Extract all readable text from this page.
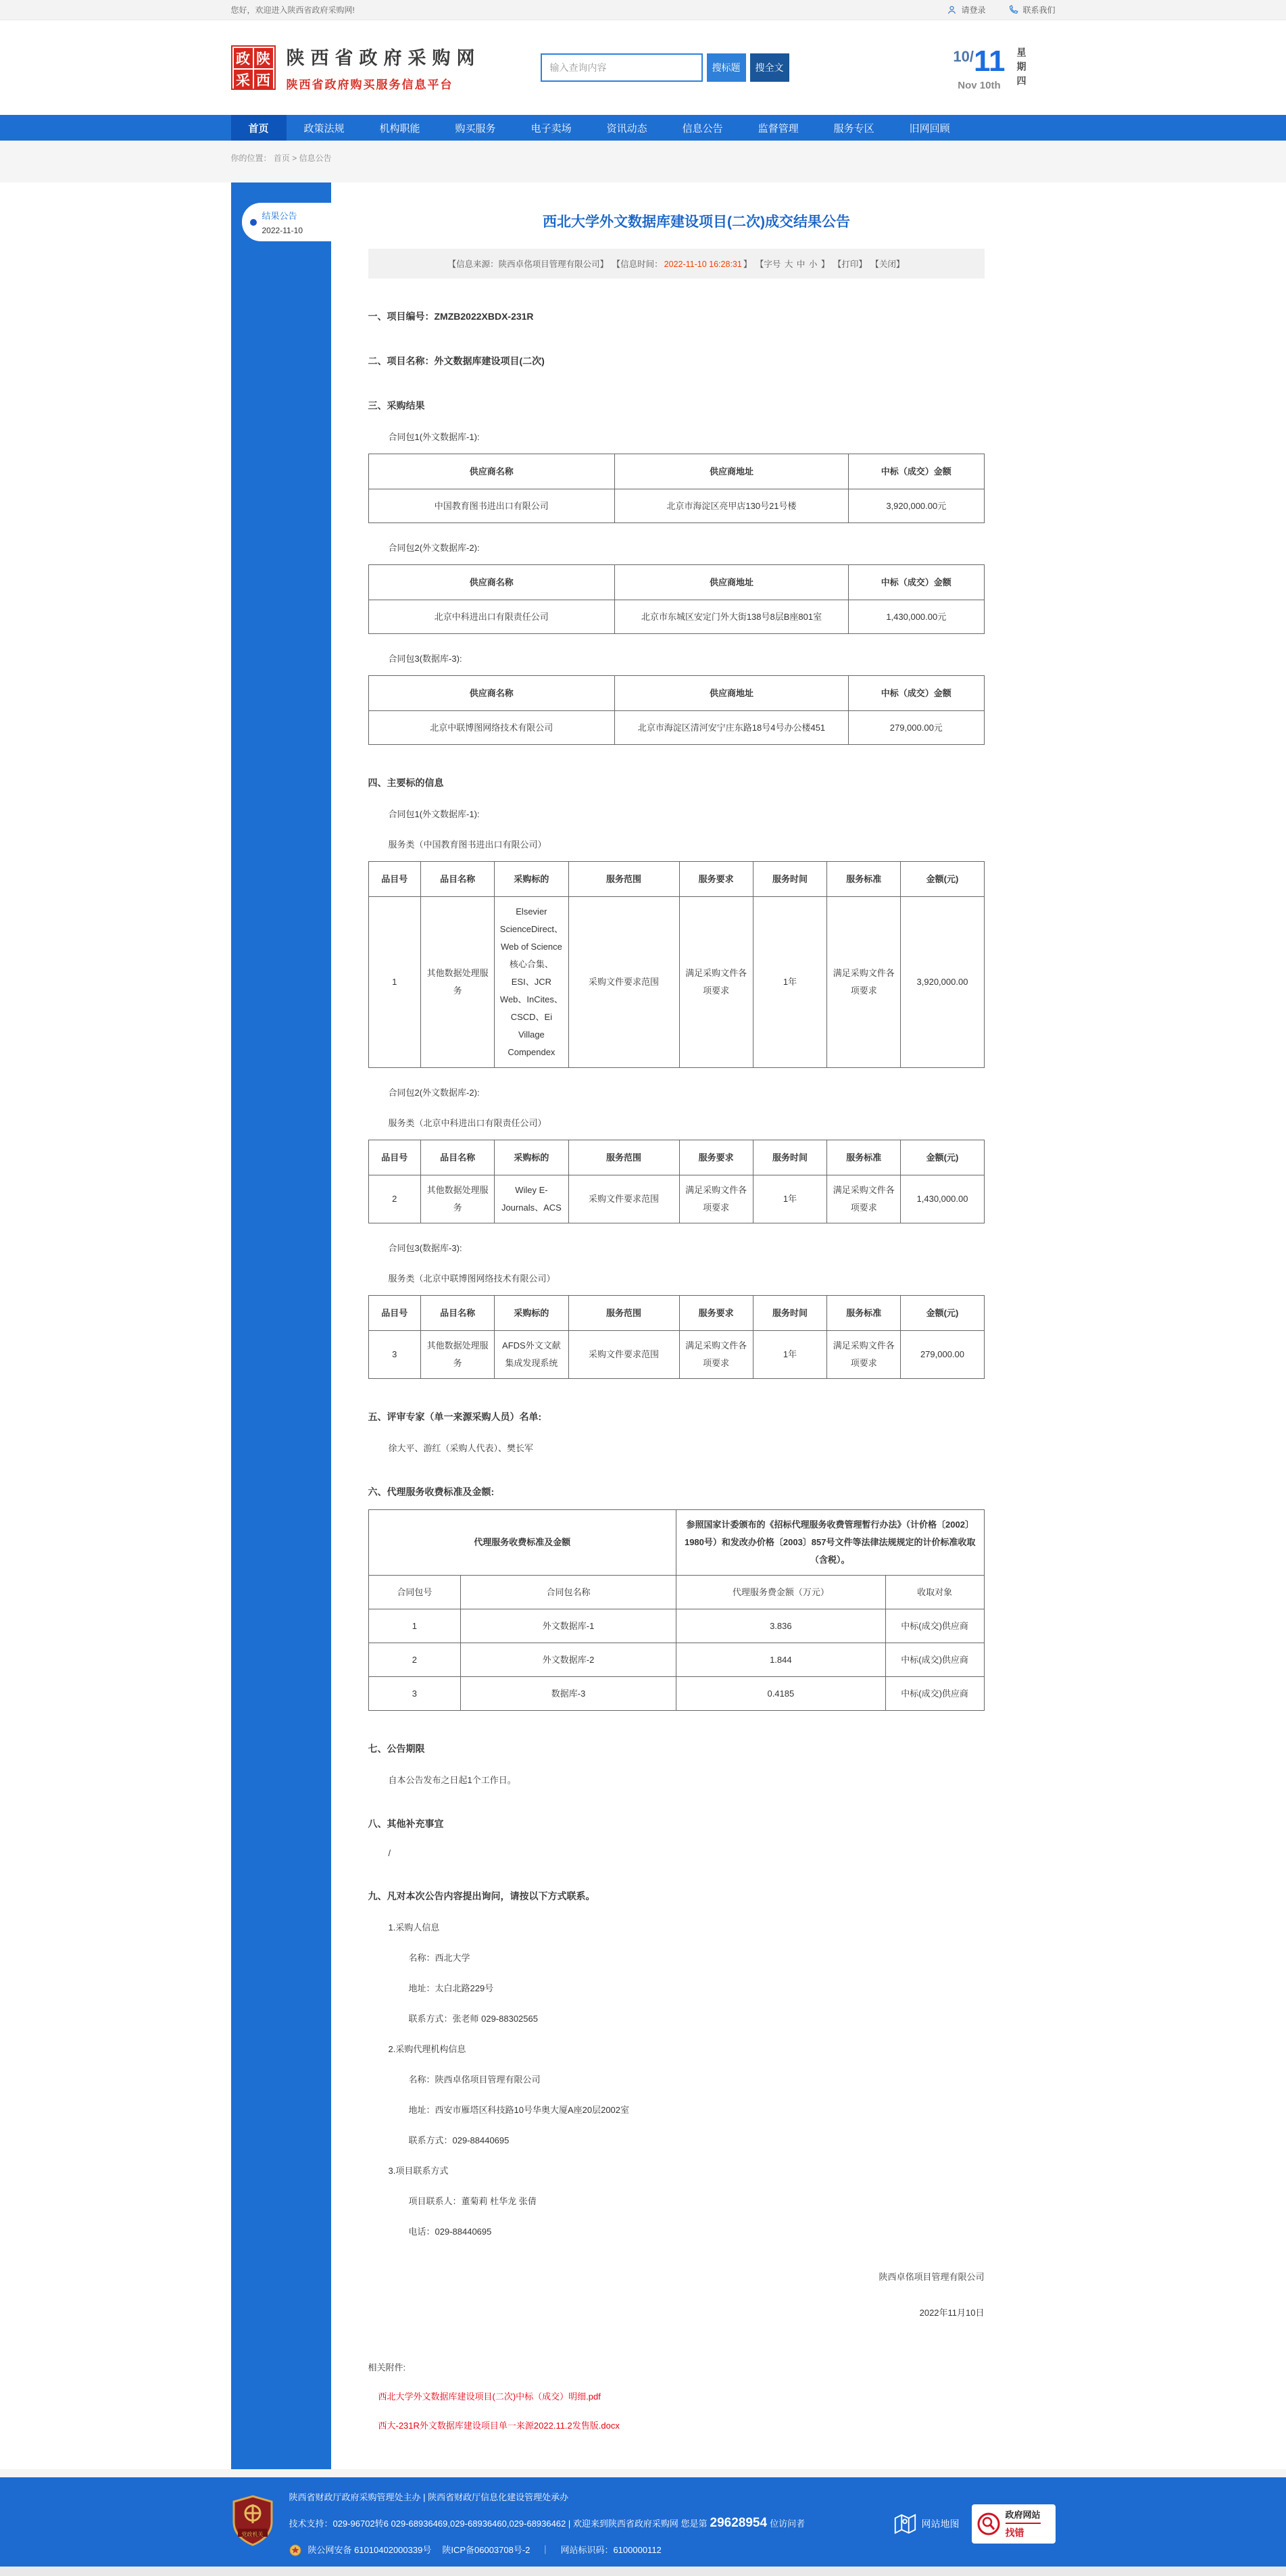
您好，欢迎进入陕西省政府采购网!	请登录	联系我们
政 陕
采 西
陕西省政府采购网
陕西省政府购买服务信息平台
输入查询内容
搜标题	搜全文
10/11
Nov 10th	星期四
首页	政策法规	机构职能	购买服务	电子卖场	资讯动态	信息公告	监督管理	服务专区	旧网回顾
你的位置： 首页 > 信息公告
结果公告
2022-11-10
西北大学外文数据库建设项目(二次)成交结果公告
【信息来源：陕西卓佲项目管理有限公司】 【信息时间： 2022-11-10 16:28:31 】 【字号 大 中 小 】 【打印】 【关闭】
一、项目编号：ZMZB2022XBDX-231R
二、项目名称：外文数据库建设项目(二次)
三、采购结果
合同包1(外文数据库-1):
供应商名称	供应商地址	中标（成交）金额
中国教育图书进出口有限公司	北京市海淀区亮甲店130号21号楼	3,920,000.00元
合同包2(外文数据库-2):
供应商名称	供应商地址	中标（成交）金额
北京中科进出口有限责任公司	北京市东城区安定门外大街138号8层B座801室	1,430,000.00元
合同包3(数据库-3):
供应商名称	供应商地址	中标（成交）金额
北京中联博图网络技术有限公司	北京市海淀区清河安宁庄东路18号4号办公楼451	279,000.00元
四、主要标的信息
合同包1(外文数据库-1):
服务类（中国教育图书进出口有限公司）
品目号	品目名称	采购标的	服务范围	服务要求	服务时间	服务标准	金额(元)
1	其他数据处理服务	Elsevier ScienceDirect、Web of Science核心合集、ESI、JCR Web、InCites、CSCD、Ei Village Compendex	采购文件要求范围	满足采购文件各项要求	1年	满足采购文件各项要求	3,920,000.00
合同包2(外文数据库-2):
服务类（北京中科进出口有限责任公司）
品目号	品目名称	采购标的	服务范围	服务要求	服务时间	服务标准	金额(元)
2	其他数据处理服务	Wiley E-Journals、ACS	采购文件要求范围	满足采购文件各项要求	1年	满足采购文件各项要求	1,430,000.00
合同包3(数据库-3):
服务类（北京中联博图网络技术有限公司）
品目号	品目名称	采购标的	服务范围	服务要求	服务时间	服务标准	金额(元)
3	其他数据处理服务	AFDS外文文献集成发现系统	采购文件要求范围	满足采购文件各项要求	1年	满足采购文件各项要求	279,000.00
五、评审专家（单一来源采购人员）名单:
徐大平、游红（采购人代表）、樊长军
六、代理服务收费标准及金额:
代理服务收费标准及金额		参照国家计委颁布的《招标代理服务收费管理暂行办法》（计价格〔2002〕1980号）和发改办价格〔2003〕857号文件等法律法规规定的计价标准收取（含税）。	
合同包号	合同包名称	代理服务费金额（万元）	收取对象
1	外文数据库-1	3.836	中标(成交)供应商
2	外文数据库-2	1.844	中标(成交)供应商
3	数据库-3	0.4185	中标(成交)供应商
七、公告期限
自本公告发布之日起1个工作日。
八、其他补充事宜
/
九、凡对本次公告内容提出询问，请按以下方式联系。
1.采购人信息
名称：西北大学
地址：太白北路229号
联系方式：张老师 029-88302565
2.采购代理机构信息
名称：陕西卓佲项目管理有限公司
地址：西安市雁塔区科技路10号华奥大厦A座20层2002室
联系方式：029-88440695
3.项目联系方式
项目联系人：董菊莉 杜华龙 张倩
电话：029-88440695
陕西卓佲项目管理有限公司
2022年11月10日
相关附件:
西北大学外文数据库建设项目(二次)中标（成交）明细.pdf
西大-231R外文数据库建设项目单一来源2022.11.2发售版.docx
党政机关
陕西省财政厅政府采购管理处主办 | 陕西省财政厅信息化建设管理处承办
技术支持：029-96702转6 029-68936469,029-68936460,029-68936462 | 欢迎来到陕西省政府采购网 您是第 29628954 位访问者
陕公网安备 61010402000339号 陕ICP备06003708号-2 ｜ 网站标识码：6100000112
网站地图
政府网站
找错
